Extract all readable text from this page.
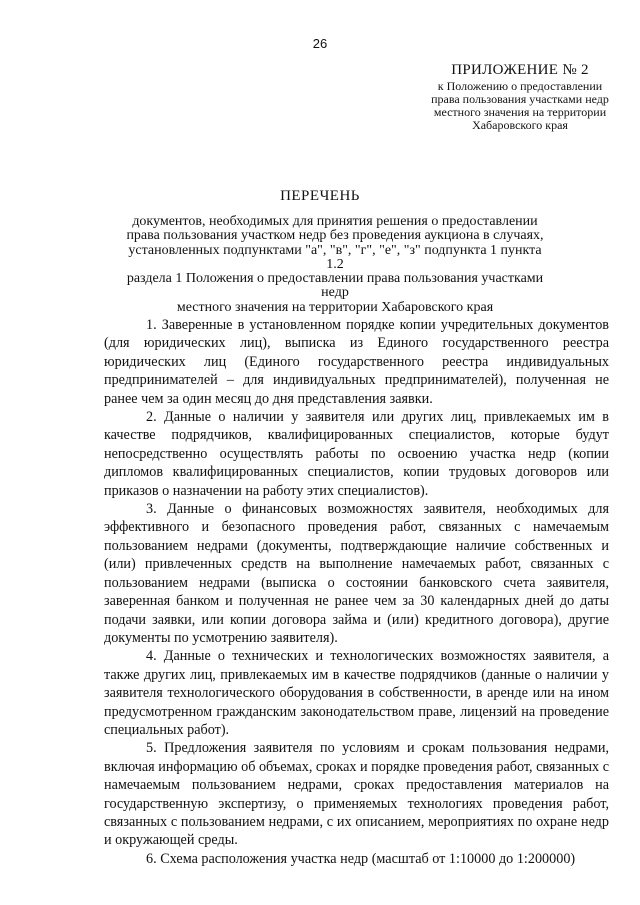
26
ПРИЛОЖЕНИЕ № 2
к Положению о предоставлении
права пользования участками недр
местного значения на территории
Хабаровского края
ПЕРЕЧЕНЬ
документов, необходимых для принятия решения о предоставлении
права пользования участком недр без проведения аукциона в случаях,
установленных подпунктами "а", "в", "г", "е", "з" подпункта 1 пункта 1.2
раздела 1 Положения о предоставлении права пользования участками недр
местного значения на территории Хабаровского края

1. Заверенные в установленном порядке копии учредительных документов (для юридических лиц), выписка из Единого государственного реестра юридических лиц (Единого государственного реестра индивидуальных предпринимателей – для индивидуальных предпринимателей), полученная не ранее чем за один месяц до дня представления заявки.

2. Данные о наличии у заявителя или других лиц, привлекаемых им в качестве подрядчиков, квалифицированных специалистов, которые будут непосредственно осуществлять работы по освоению участка недр (копии дипломов квалифицированных специалистов, копии трудовых договоров или приказов о назначении на работу этих специалистов).

3. Данные о финансовых возможностях заявителя, необходимых для эффективного и безопасного проведения работ, связанных с намечаемым пользованием недрами (документы, подтверждающие наличие собственных и (или) привлеченных средств на выполнение намечаемых работ, связанных с пользованием недрами (выписка о состоянии банковского счета заявителя, заверенная банком и полученная не ранее чем за 30 календарных дней до даты подачи заявки, или копии договора займа и (или) кредитного договора), другие документы по усмотрению заявителя).

4. Данные о технических и технологических возможностях заявителя, а также других лиц, привлекаемых им в качестве подрядчиков (данные о наличии у заявителя технологического оборудования в собственности, в аренде или на ином предусмотренном гражданским законодательством праве, лицензий на проведение специальных работ).

5. Предложения заявителя по условиям и срокам пользования недрами, включая информацию об объемах, сроках и порядке проведения работ, связанных с намечаемым пользованием недрами, сроках предоставления материалов на государственную экспертизу, о применяемых технологиях проведения работ, связанных с пользованием недрами, с их описанием, мероприятиях по охране недр и окружающей среды.

6. Схема расположения участка недр (масштаб от 1:10000 до 1:200000)
